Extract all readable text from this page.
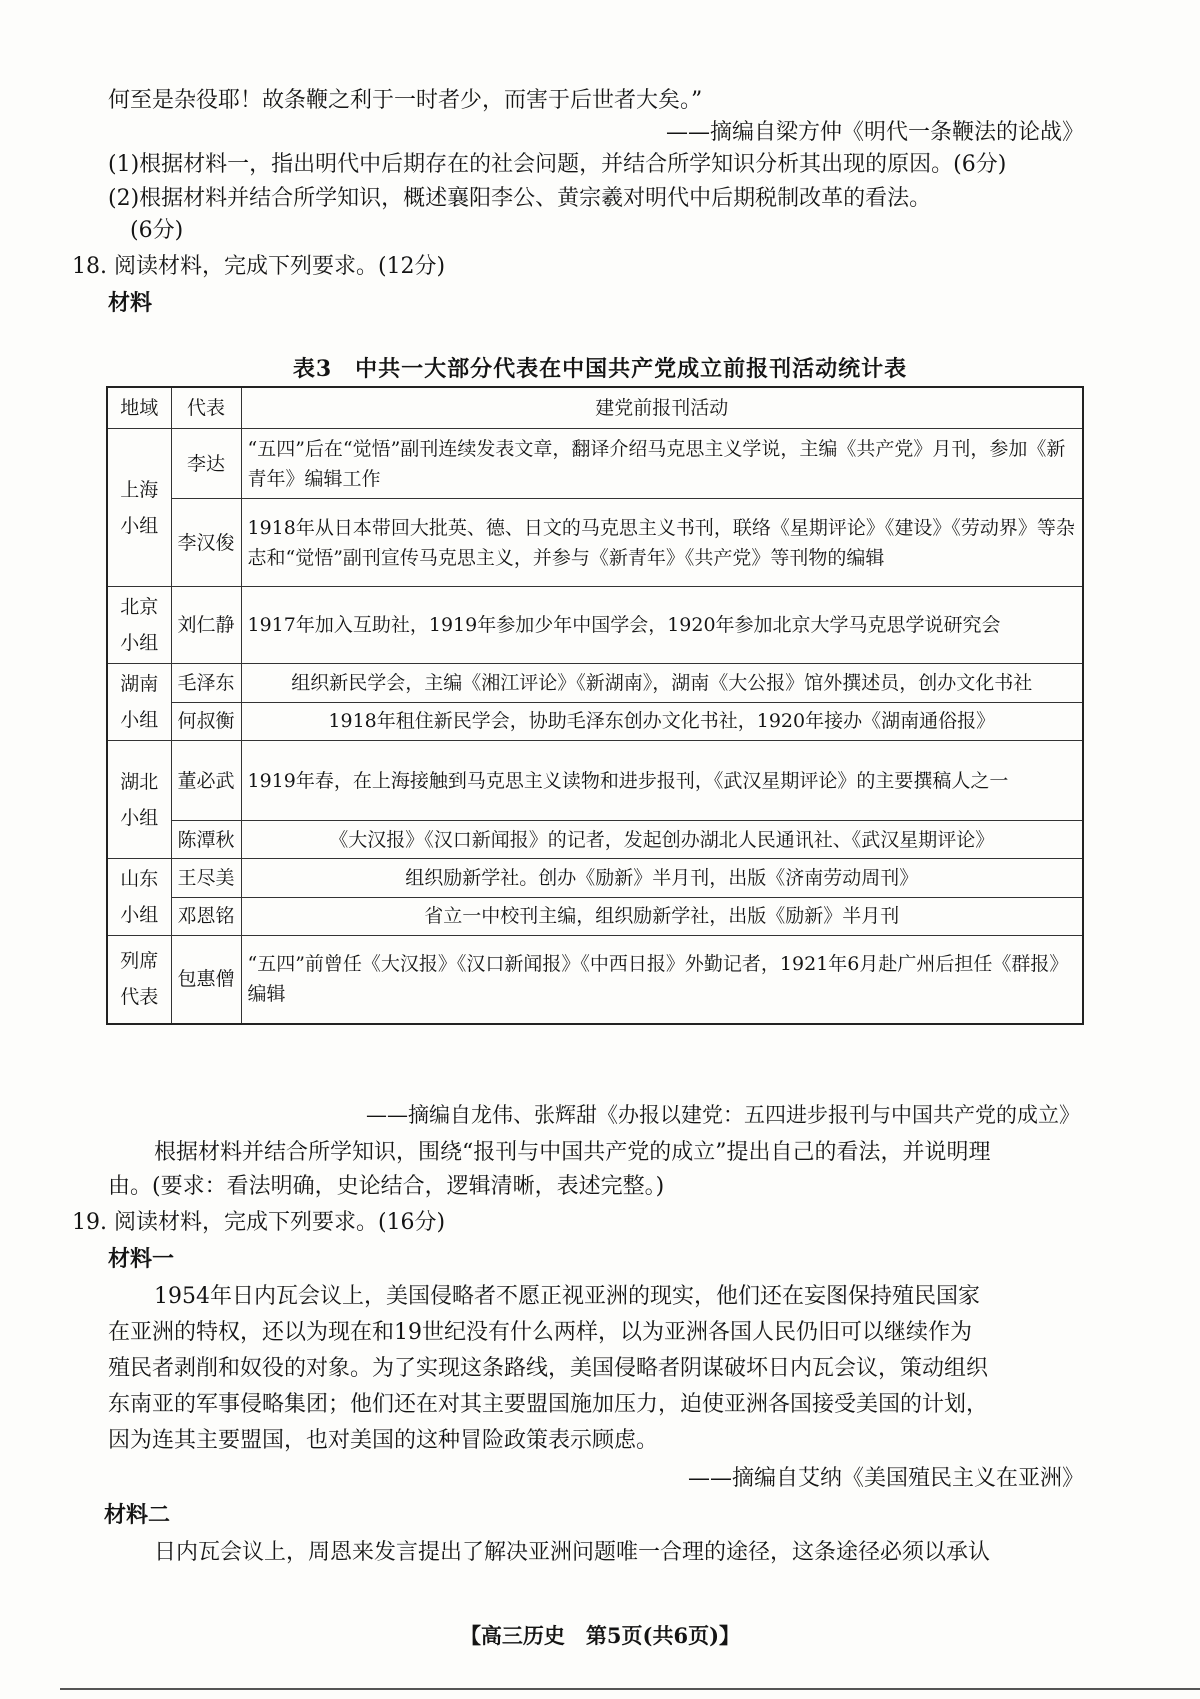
何至是杂役耶！故条鞭之利于一时者少，而害于后世者大矣。”
——摘编自梁方仲《明代一条鞭法的论战》
(1)根据材料一，指出明代中后期存在的社会问题，并结合所学知识分析其出现的原因。(6分)
(2)根据材料并结合所学知识，概述襄阳李公、黄宗羲对明代中后期税制改革的看法。
(6分)
18. 阅读材料，完成下列要求。(12分)
材料
表3　中共一大部分代表在中国共产党成立前报刊活动统计表
地域	代表	建党前报刊活动
上海小组	李达	“五四”后在“觉悟”副刊连续发表文章，翻译介绍马克思主义学说，主编《共产党》月刊，参加《新青年》编辑工作
	李汉俊	1918年从日本带回大批英、德、日文的马克思主义书刊，联络《星期评论》《建设》《劳动界》等杂志和“觉悟”副刊宣传马克思主义，并参与《新青年》《共产党》等刊物的编辑
北京小组	刘仁静	1917年加入互助社，1919年参加少年中国学会，1920年参加北京大学马克思学说研究会
湖南小组	毛泽东	组织新民学会，主编《湘江评论》《新湖南》，湖南《大公报》馆外撰述员，创办文化书社
	何叔衡	1918年租住新民学会，协助毛泽东创办文化书社，1920年接办《湖南通俗报》
湖北小组	董必武	1919年春，在上海接触到马克思主义读物和进步报刊，《武汉星期评论》的主要撰稿人之一
	陈潭秋	《大汉报》《汉口新闻报》的记者，发起创办湖北人民通讯社、《武汉星期评论》
山东小组	王尽美	组织励新学社。创办《励新》半月刊，出版《济南劳动周刊》
	邓恩铭	省立一中校刊主编，组织励新学社，出版《励新》半月刊
列席代表	包惠僧	“五四”前曾任《大汉报》《汉口新闻报》《中西日报》外勤记者，1921年6月赴广州后担任《群报》编辑
——摘编自龙伟、张辉甜《办报以建党：五四进步报刊与中国共产党的成立》
根据材料并结合所学知识，围绕“报刊与中国共产党的成立”提出自己的看法，并说明理
由。(要求：看法明确，史论结合，逻辑清晰，表述完整。)
19. 阅读材料，完成下列要求。(16分)
材料一
1954年日内瓦会议上，美国侵略者不愿正视亚洲的现实，他们还在妄图保持殖民国家
在亚洲的特权，还以为现在和19世纪没有什么两样，以为亚洲各国人民仍旧可以继续作为
殖民者剥削和奴役的对象。为了实现这条路线，美国侵略者阴谋破坏日内瓦会议，策动组织
东南亚的军事侵略集团；他们还在对其主要盟国施加压力，迫使亚洲各国接受美国的计划，
因为连其主要盟国，也对美国的这种冒险政策表示顾虑。
——摘编自艾纳《美国殖民主义在亚洲》
材料二
日内瓦会议上，周恩来发言提出了解决亚洲问题唯一合理的途径，这条途径必须以承认
【高三历史　第5页(共6页)】
